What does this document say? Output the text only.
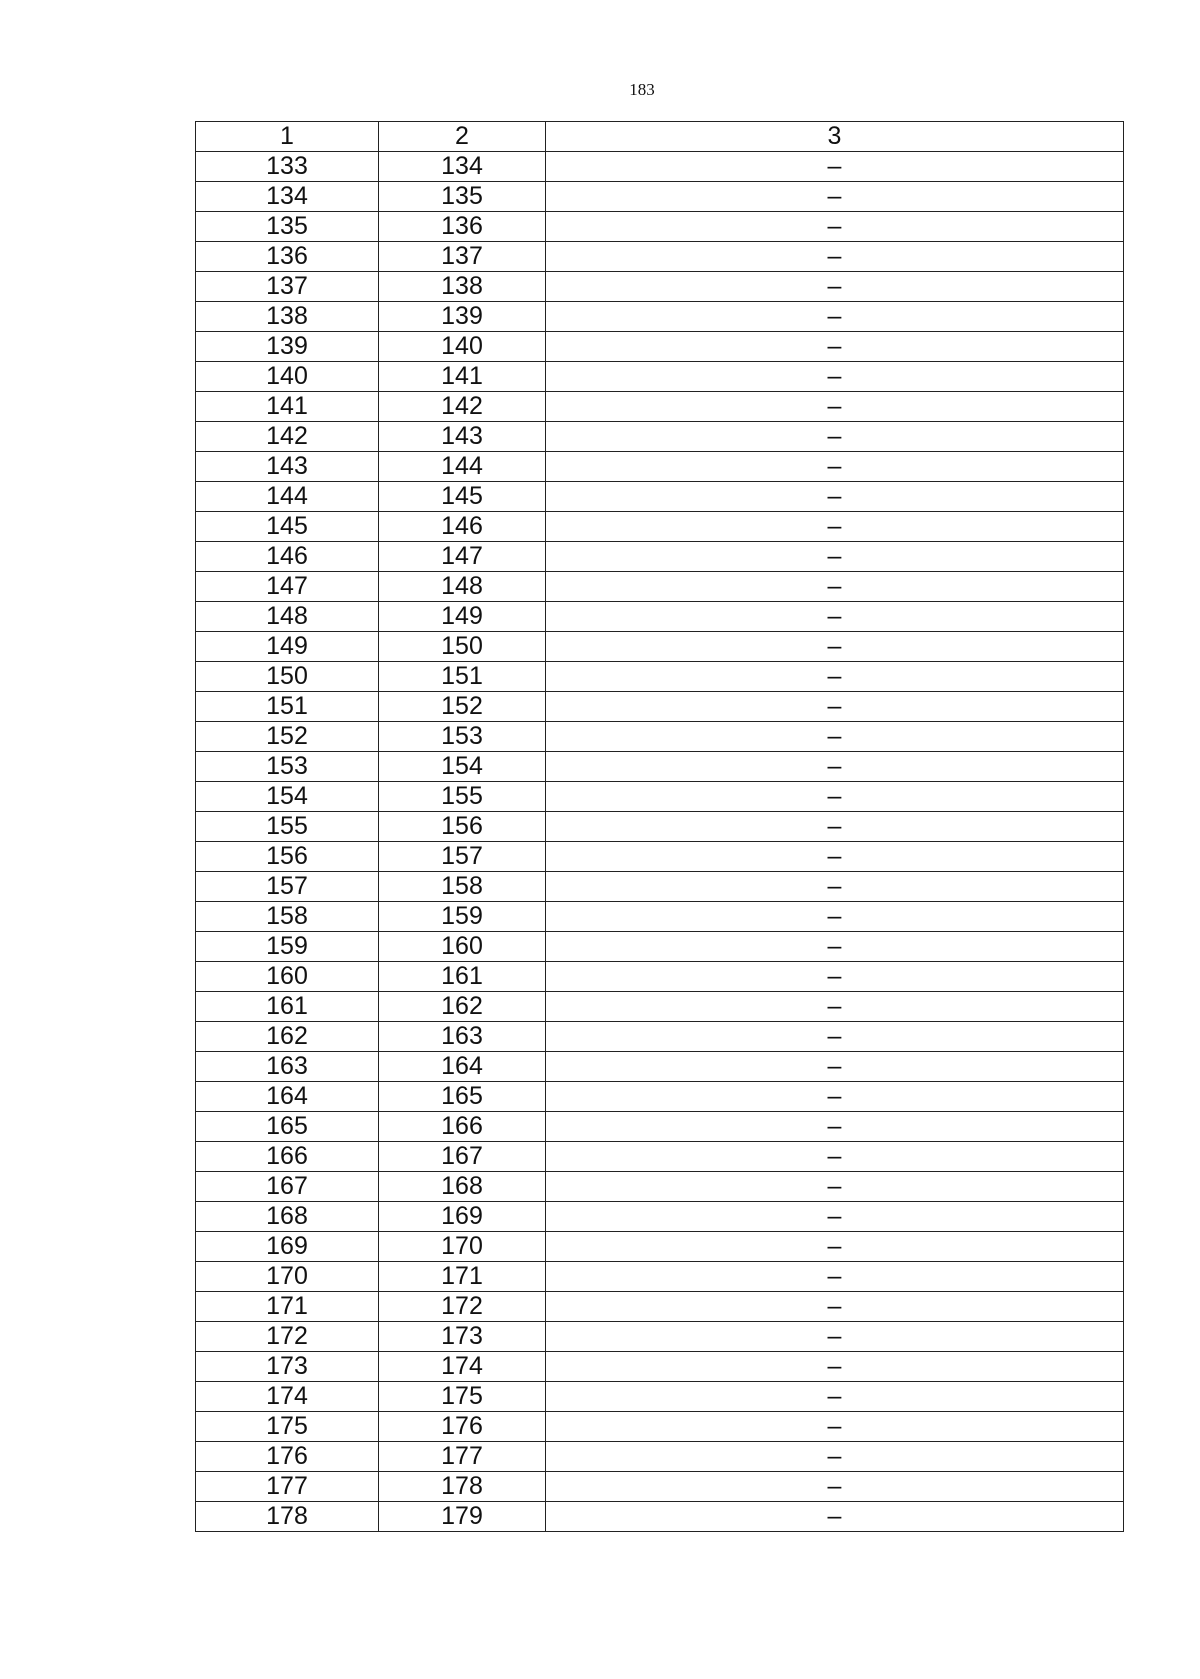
183
1	2	3
133	134	–
134	135	–
135	136	–
136	137	–
137	138	–
138	139	–
139	140	–
140	141	–
141	142	–
142	143	–
143	144	–
144	145	–
145	146	–
146	147	–
147	148	–
148	149	–
149	150	–
150	151	–
151	152	–
152	153	–
153	154	–
154	155	–
155	156	–
156	157	–
157	158	–
158	159	–
159	160	–
160	161	–
161	162	–
162	163	–
163	164	–
164	165	–
165	166	–
166	167	–
167	168	–
168	169	–
169	170	–
170	171	–
171	172	–
172	173	–
173	174	–
174	175	–
175	176	–
176	177	–
177	178	–
178	179	–
